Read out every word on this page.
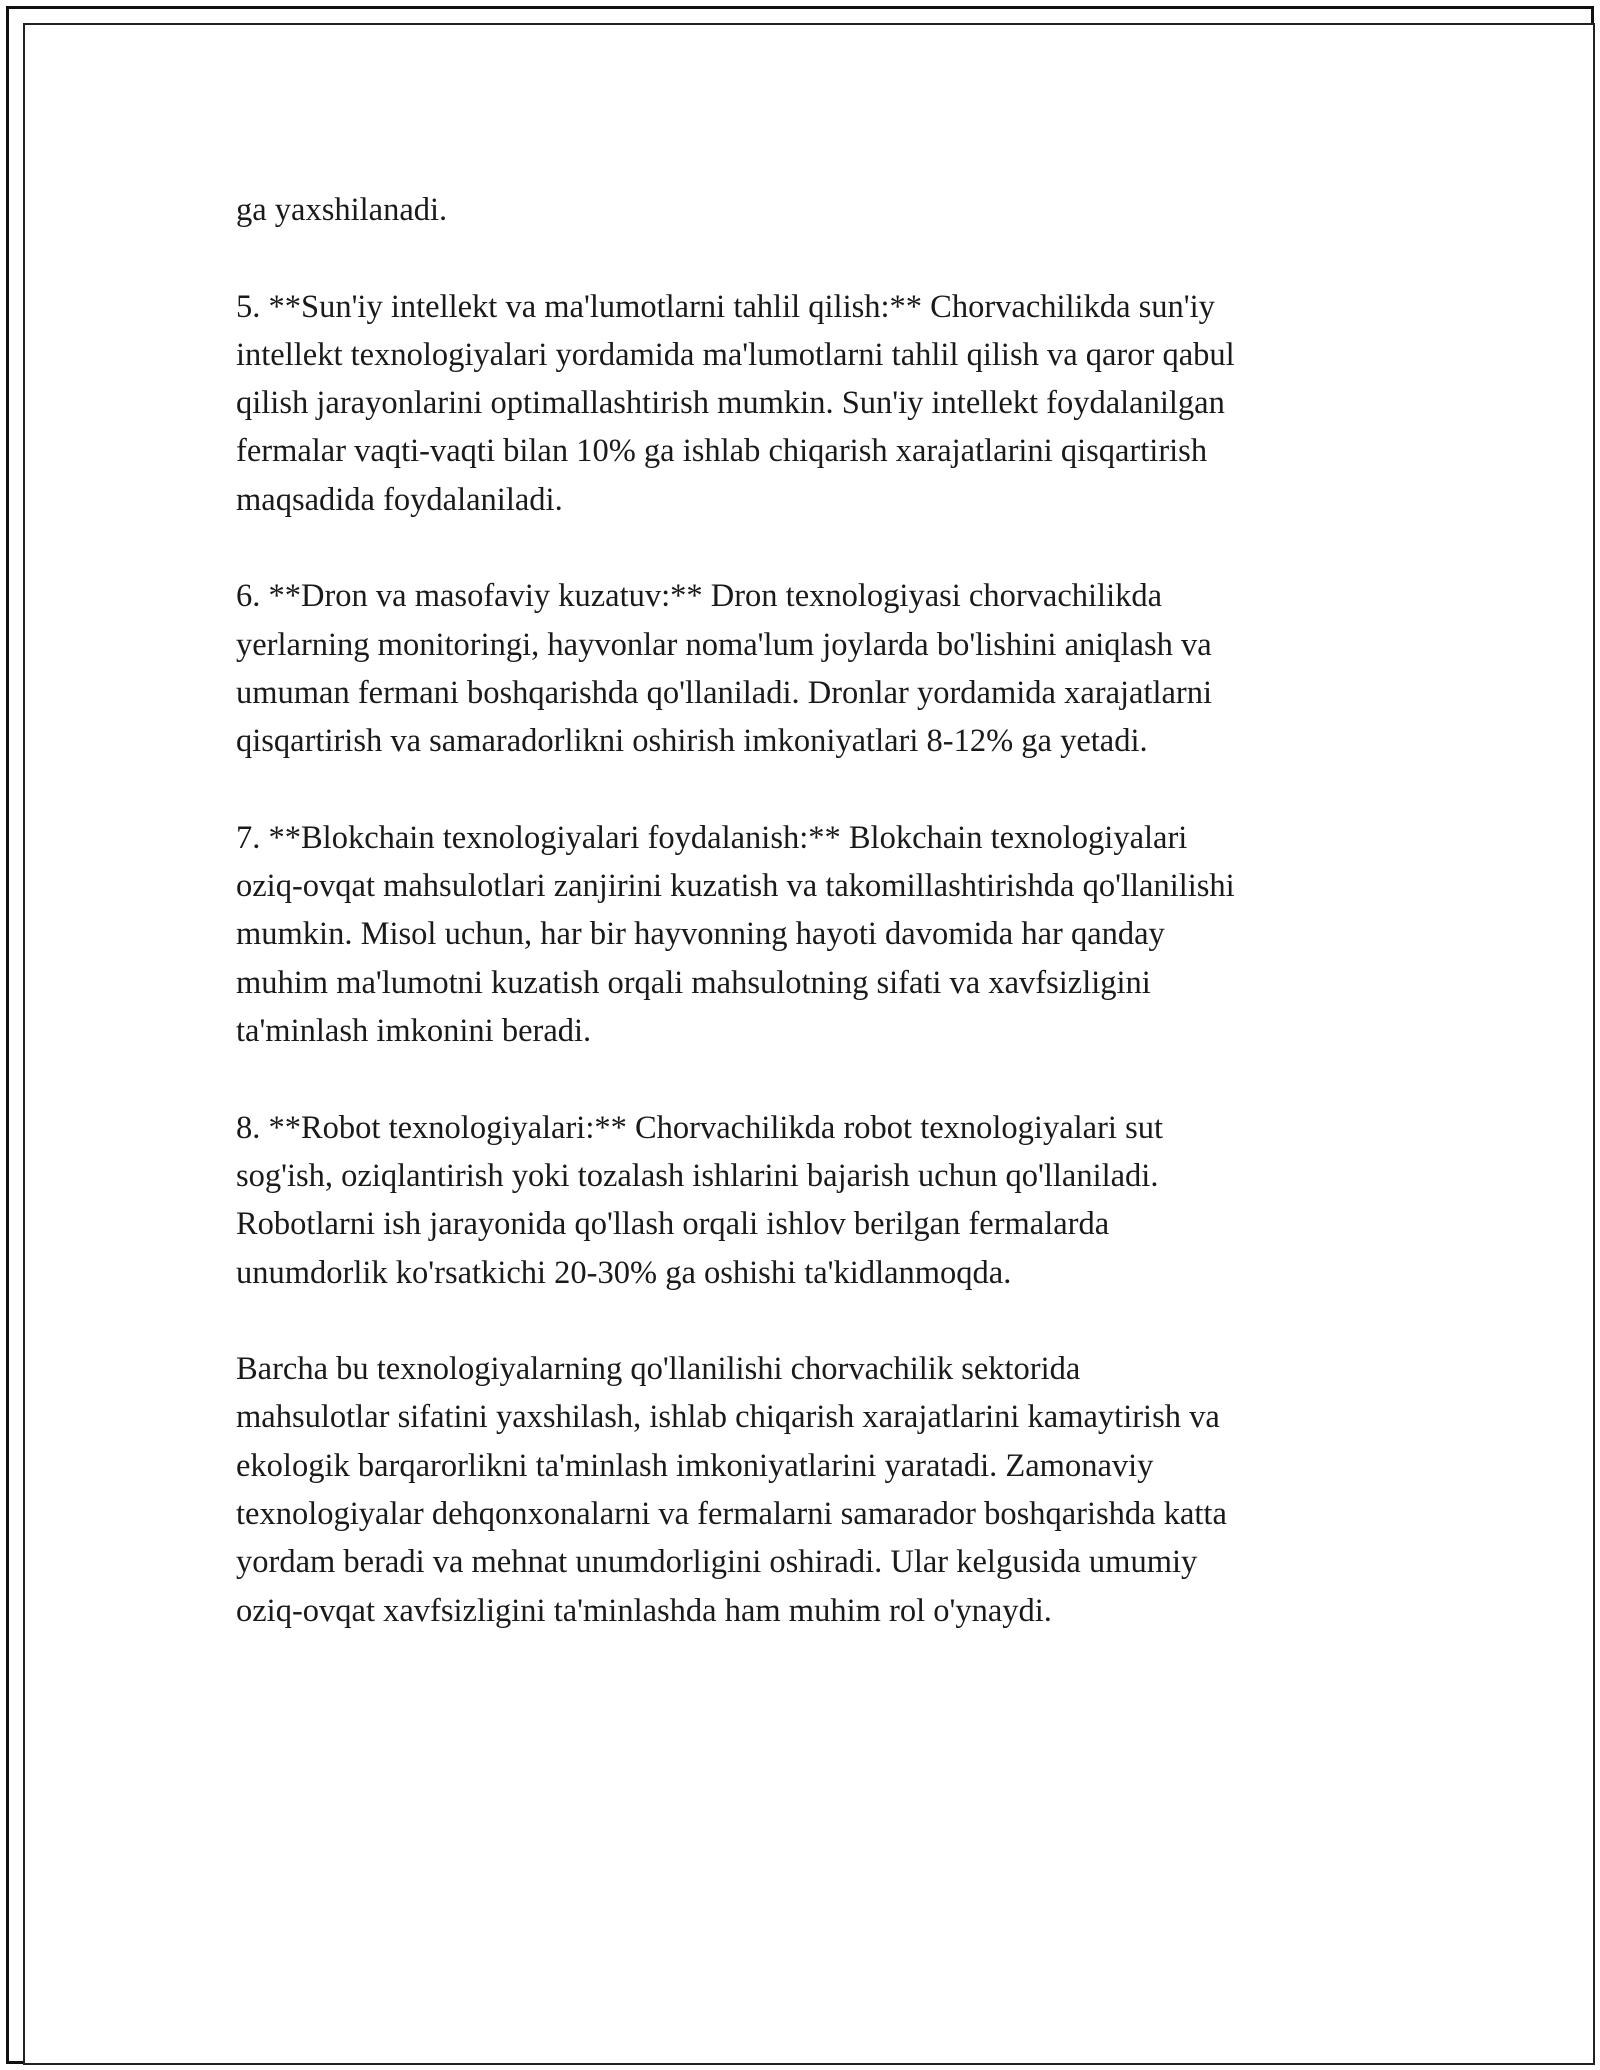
ga yaxshilanadi.

5. **Sun'iy intellekt va ma'lumotlarni tahlil qilish:** Chorvachilikda sun'iy
intellekt texnologiyalari yordamida ma'lumotlarni tahlil qilish va qaror qabul
qilish jarayonlarini optimallashtirish mumkin. Sun'iy intellekt foydalanilgan
fermalar vaqti-vaqti bilan 10% ga ishlab chiqarish xarajatlarini qisqartirish
maqsadida foydalaniladi.

6. **Dron va masofaviy kuzatuv:** Dron texnologiyasi chorvachilikda
yerlarning monitoringi, hayvonlar noma'lum joylarda bo'lishini aniqlash va
umuman fermani boshqarishda qo'llaniladi. Dronlar yordamida xarajatlarni
qisqartirish va samaradorlikni oshirish imkoniyatlari 8-12% ga yetadi.

7. **Blokchain texnologiyalari foydalanish:** Blokchain texnologiyalari
oziq-ovqat mahsulotlari zanjirini kuzatish va takomillashtirishda qo'llanilishi
mumkin. Misol uchun, har bir hayvonning hayoti davomida har qanday
muhim ma'lumotni kuzatish orqali mahsulotning sifati va xavfsizligini
ta'minlash imkonini beradi.

8. **Robot texnologiyalari:** Chorvachilikda robot texnologiyalari sut
sog'ish, oziqlantirish yoki tozalash ishlarini bajarish uchun qo'llaniladi.
Robotlarni ish jarayonida qo'llash orqali ishlov berilgan fermalarda
unumdorlik ko'rsatkichi 20-30% ga oshishi ta'kidlanmoqda.

Barcha bu texnologiyalarning qo'llanilishi chorvachilik sektorida
mahsulotlar sifatini yaxshilash, ishlab chiqarish xarajatlarini kamaytirish va
ekologik barqarorlikni ta'minlash imkoniyatlarini yaratadi. Zamonaviy
texnologiyalar dehqonxonalarni va fermalarni samarador boshqarishda katta
yordam beradi va mehnat unumdorligini oshiradi. Ular kelgusida umumiy
oziq-ovqat xavfsizligini ta'minlashda ham muhim rol o'ynaydi.
